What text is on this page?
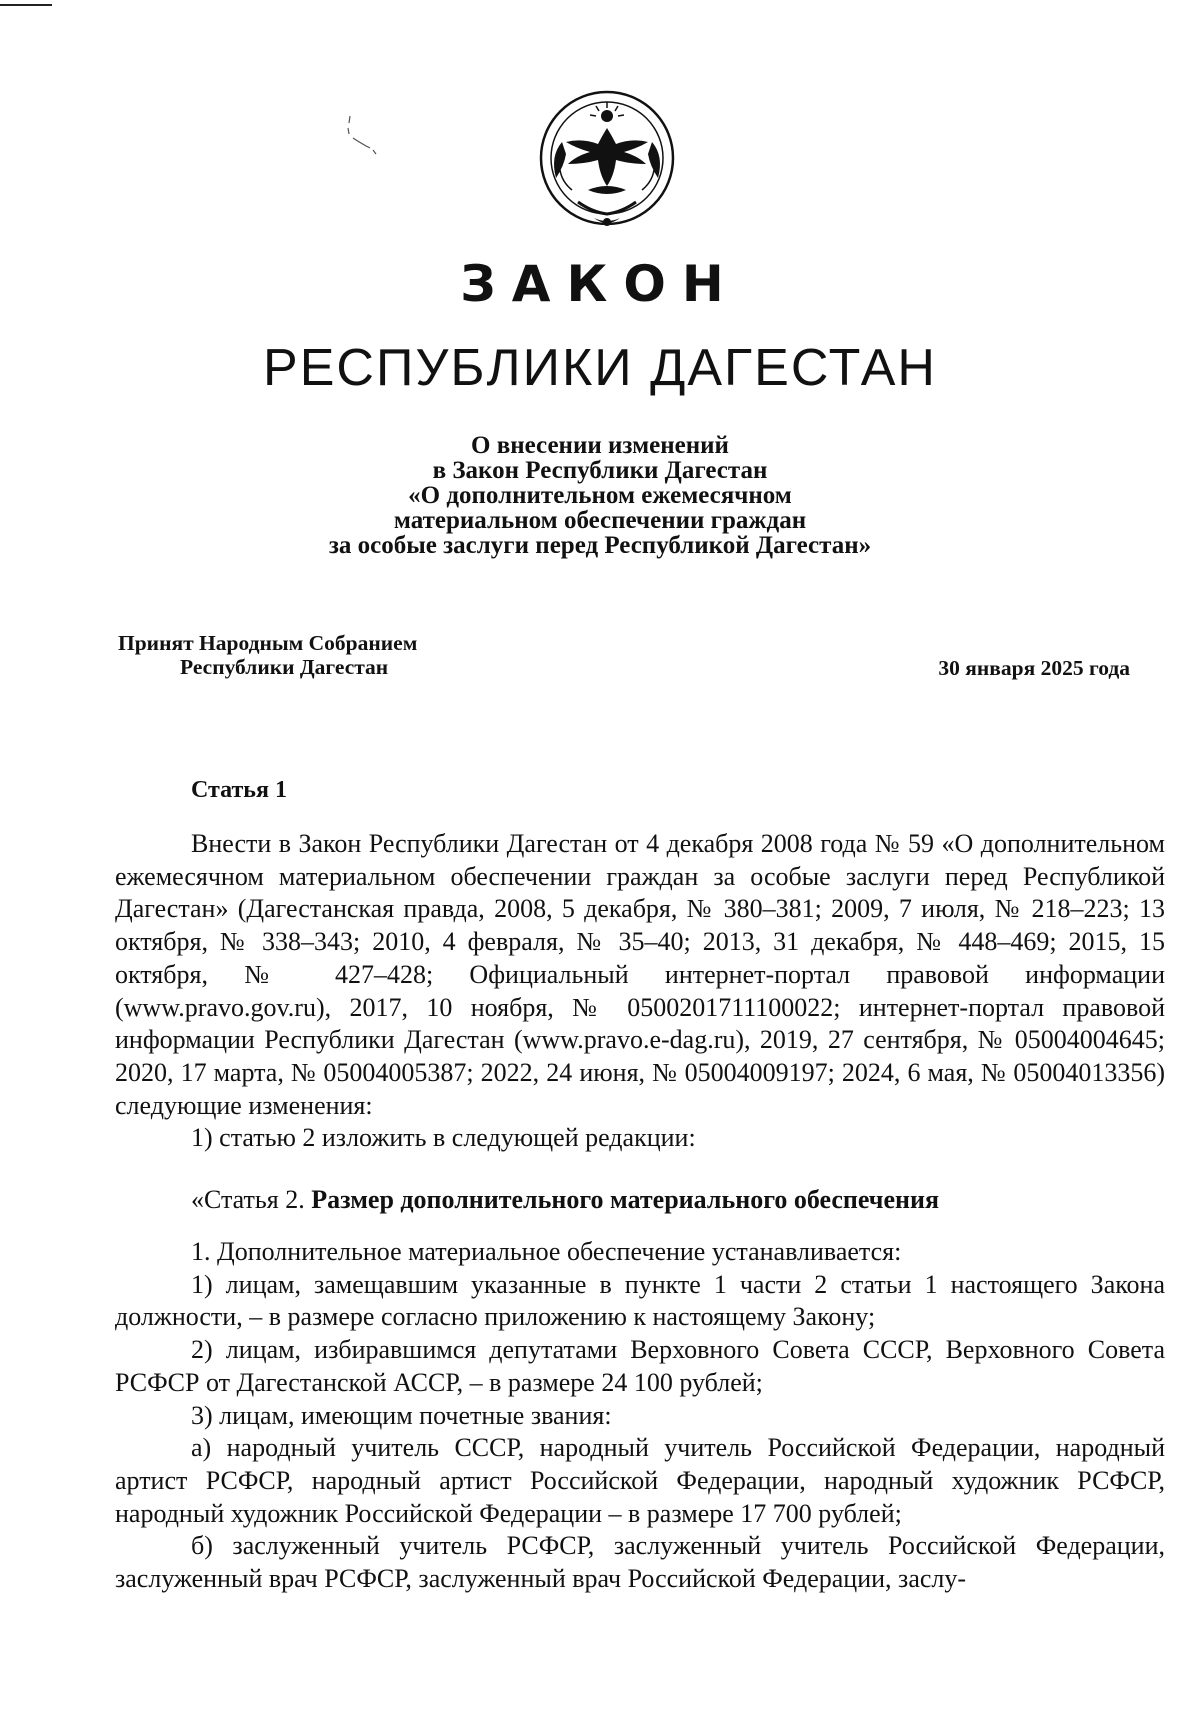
ЗАКОН
РЕСПУБЛИКИ ДАГЕСТАН
О внесении изменений
в Закон Республики Дагестан
«О дополнительном ежемесячном
материальном обеспечении граждан
за особые заслуги перед Республикой Дагестан»
Принят Народным Собранием
Республики Дагестан	30 января 2025 года
Статья 1

Внести в Закон Республики Дагестан от 4 декабря 2008 года № 59 «О дополнительном ежемесячном материальном обеспечении граждан за особые заслуги перед Республикой Дагестан» (Дагестанская правда, 2008, 5 декабря, № 380–381; 2009, 7 июля, № 218–223; 13 октября, № 338–343; 2010, 4 февраля, № 35–40; 2013, 31 декабря, № 448–469; 2015, 15 октября, № 427–428; Официальный интернет-портал правовой информации (www.pravo.gov.ru), 2017, 10 ноября, № 0500201711100022; интернет-портал правовой информации Республики Дагестан (www.pravo.e-dag.ru), 2019, 27 сентября, № 05004004645; 2020, 17 марта, № 05004005387; 2022, 24 июня, № 05004009197; 2024, 6 мая, № 05004013356) следующие изменения:

1) статью 2 изложить в следующей редакции:

«Статья 2. Размер дополнительного материального обеспечения

1. Дополнительное материальное обеспечение устанавливается:

1) лицам, замещавшим указанные в пункте 1 части 2 статьи 1 настоящего Закона должности, – в размере согласно приложению к настоящему Закону;

2) лицам, избиравшимся депутатами Верховного Совета СССР, Верховного Совета РСФСР от Дагестанской АССР, – в размере 24 100 рублей;

3) лицам, имеющим почетные звания:

а) народный учитель СССР, народный учитель Российской Федерации, народный артист РСФСР, народный артист Российской Федерации, народный художник РСФСР, народный художник Российской Федерации – в размере 17 700 рублей;

б) заслуженный учитель РСФСР, заслуженный учитель Российской Федерации, заслуженный врач РСФСР, заслуженный врач Российской Федерации, заслу-
